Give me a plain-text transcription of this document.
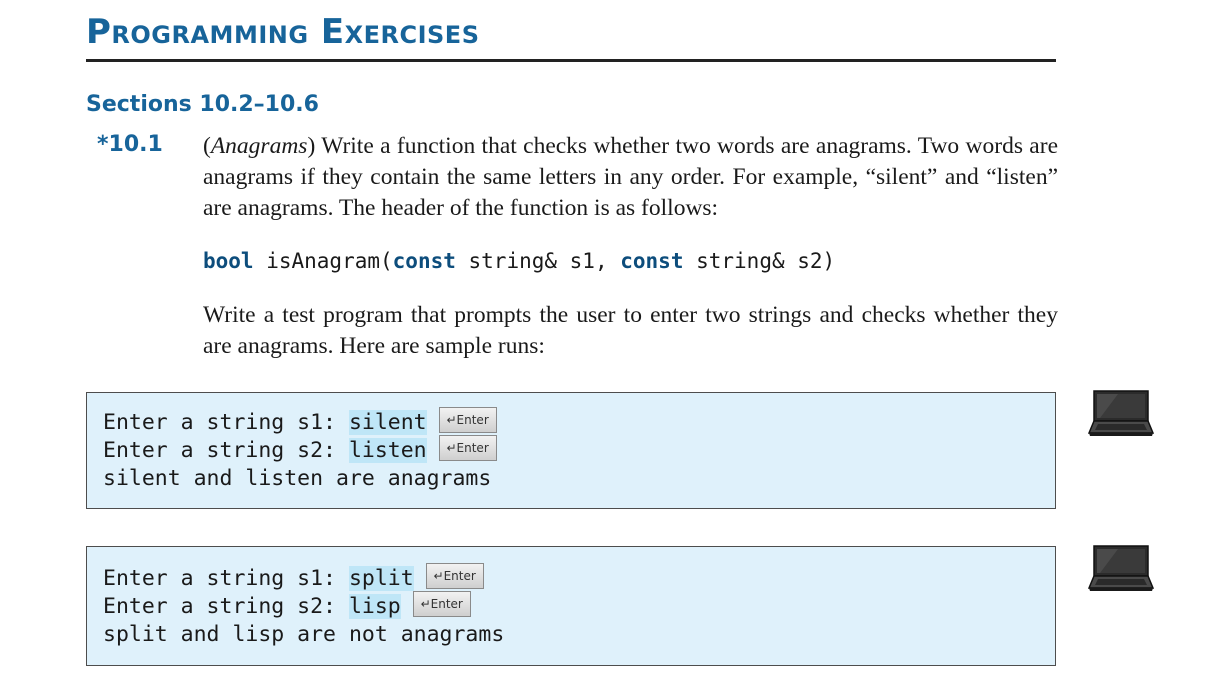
Programming Exercises
Sections 10.2–10.6
*10.1 (Anagrams) Write a function that checks whether two words are anagrams. Two words are anagrams if they contain the same letters in any order. For example, “silent” and “listen” are anagrams. The header of the function is as follows:

bool isAnagram(const string& s1, const string& s2)

Write a test program that prompts the user to enter two strings and checks whether they are anagrams. Here are sample runs:

Enter a string s1: silent ↵Enter
Enter a string s2: listen ↵Enter
silent and listen are anagrams
Enter a string s1: split ↵Enter
Enter a string s2: lisp ↵Enter
split and lisp are not anagrams
